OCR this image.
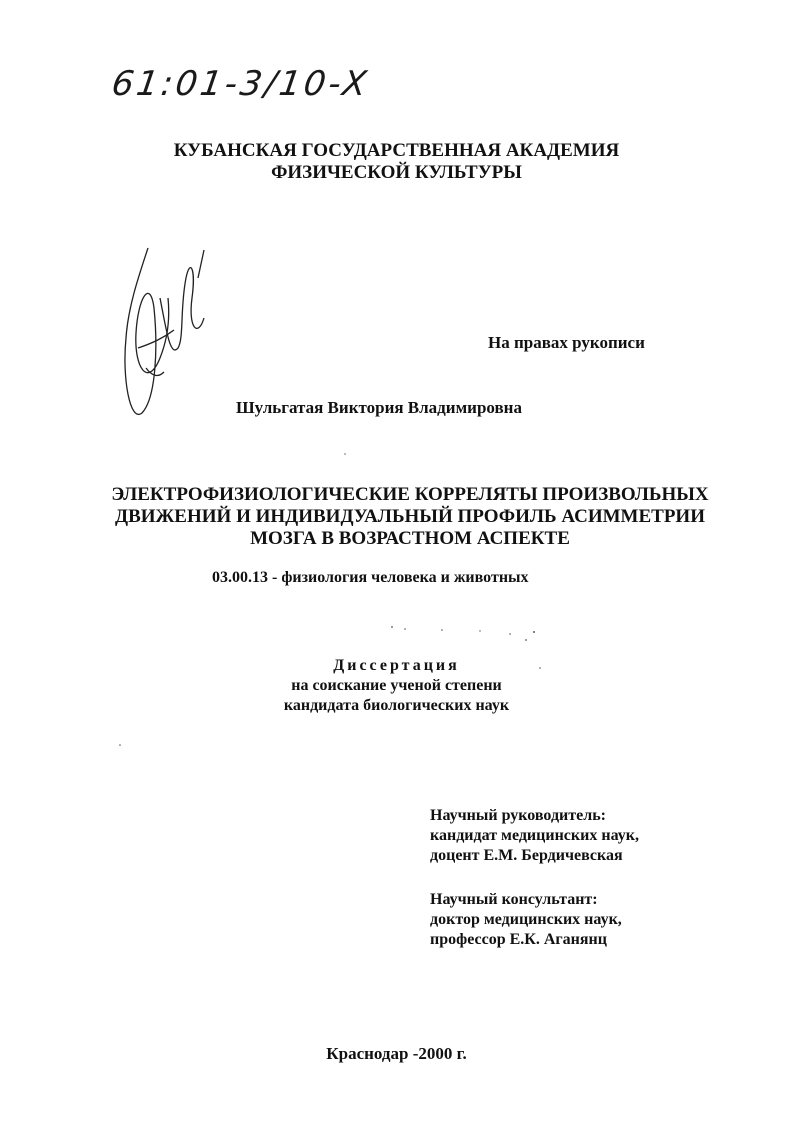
61:01-3/10-X
КУБАНСКАЯ ГОСУДАРСТВЕННАЯ АКАДЕМИЯ
ФИЗИЧЕСКОЙ КУЛЬТУРЫ
На правах рукописи
Шульгатая Виктория Владимировна
ЭЛЕКТРОФИЗИОЛОГИЧЕСКИЕ КОРРЕЛЯТЫ ПРОИЗВОЛЬНЫХ
ДВИЖЕНИЙ И ИНДИВИДУАЛЬНЫЙ ПРОФИЛЬ АСИММЕТРИИ
МОЗГА В ВОЗРАСТНОМ АСПЕКТЕ
03.00.13 - физиология человека и животных
Диссертация
на соискание ученой степени
кандидата биологических наук
Научный руководитель:
кандидат медицинских наук,
доцент Е.М. Бердичевская
Научный консультант:
доктор медицинских наук,
профессор Е.К. Аганянц
Краснодар -2000 г.
